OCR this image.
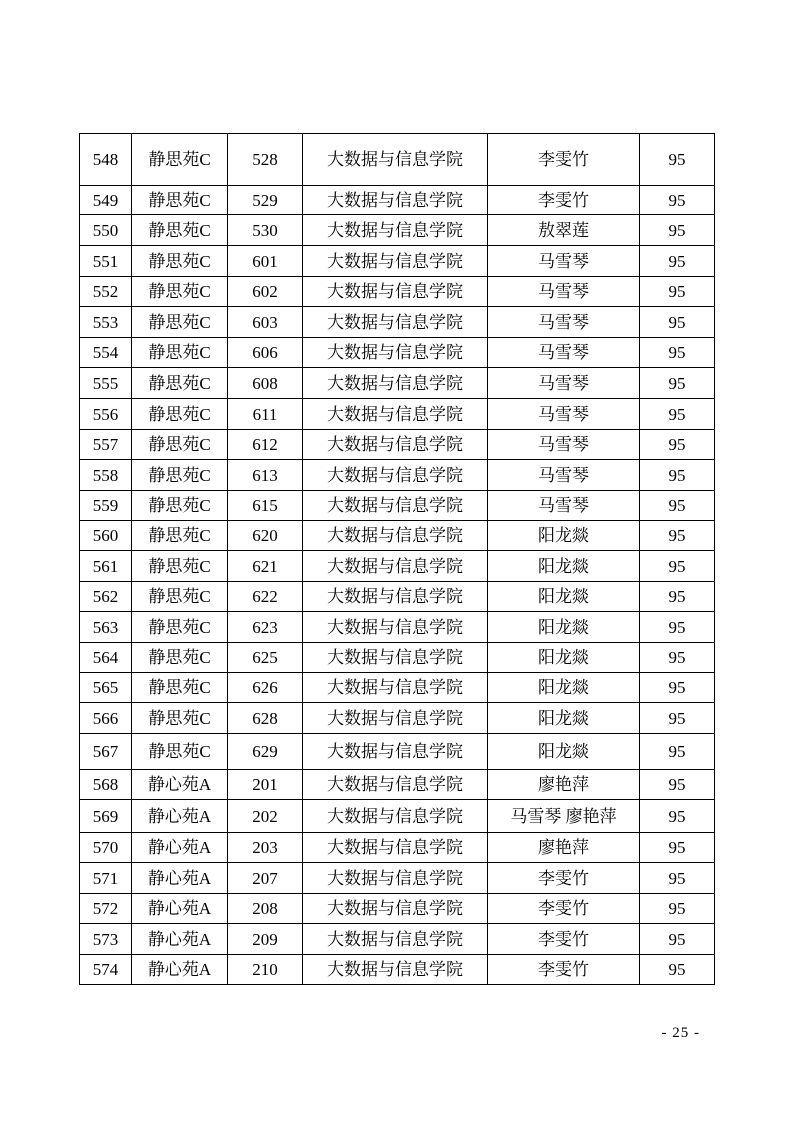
548	静思苑C	528	大数据与信息学院	李雯竹	95
549	静思苑C	529	大数据与信息学院	李雯竹	95
550	静思苑C	530	大数据与信息学院	敖翠莲	95
551	静思苑C	601	大数据与信息学院	马雪琴	95
552	静思苑C	602	大数据与信息学院	马雪琴	95
553	静思苑C	603	大数据与信息学院	马雪琴	95
554	静思苑C	606	大数据与信息学院	马雪琴	95
555	静思苑C	608	大数据与信息学院	马雪琴	95
556	静思苑C	611	大数据与信息学院	马雪琴	95
557	静思苑C	612	大数据与信息学院	马雪琴	95
558	静思苑C	613	大数据与信息学院	马雪琴	95
559	静思苑C	615	大数据与信息学院	马雪琴	95
560	静思苑C	620	大数据与信息学院	阳龙燚	95
561	静思苑C	621	大数据与信息学院	阳龙燚	95
562	静思苑C	622	大数据与信息学院	阳龙燚	95
563	静思苑C	623	大数据与信息学院	阳龙燚	95
564	静思苑C	625	大数据与信息学院	阳龙燚	95
565	静思苑C	626	大数据与信息学院	阳龙燚	95
566	静思苑C	628	大数据与信息学院	阳龙燚	95
567	静思苑C	629	大数据与信息学院	阳龙燚	95
568	静心苑A	201	大数据与信息学院	廖艳萍	95
569	静心苑A	202	大数据与信息学院	马雪琴 廖艳萍	95
570	静心苑A	203	大数据与信息学院	廖艳萍	95
571	静心苑A	207	大数据与信息学院	李雯竹	95
572	静心苑A	208	大数据与信息学院	李雯竹	95
573	静心苑A	209	大数据与信息学院	李雯竹	95
574	静心苑A	210	大数据与信息学院	李雯竹	95
- 25 -
